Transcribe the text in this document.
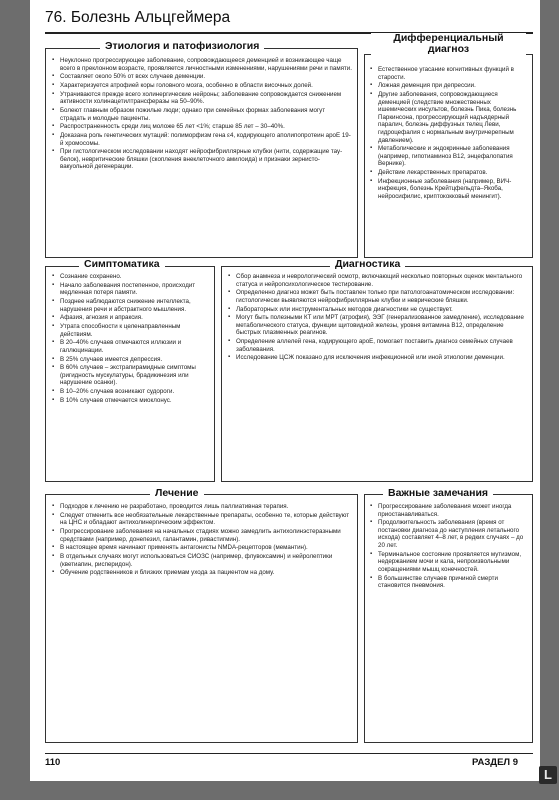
76. Болезнь Альцгеймера
▪ Неуклонно прогрессирующее заболевание, сопровождающееся деменцией и возникающее чаще всего в преклонном возрасте, проявляется личностными изменениями, нарушениями речи и памяти.
▪ Составляет около 50% от всех случаев деменции.
▪ Характеризуется атрофией коры головного мозга, особенно в области височных долей.
▪ Утрачиваются прежде всего холинергические нейроны; заболевание сопровождается снижением активности холинацетилтрансферазы на 50–90%.
▪ Болеют главным образом пожилые люди; однако при семейных формах заболевания могут страдать и молодые пациенты.
▪ Распространенность среди лиц моложе 65 лет <1%; старше 85 лет – 30–40%.
▪ Доказана роль генетических мутаций: полиморфизм гена ε4, кодирующего аполипопротеин apoE 19-й хромосомы.
▪ При гистологическом исследовании находят нейрофибриллярные клубки (нити, содержащие тау-белок), невритические бляшки (скопления внеклеточного амилоида) и признаки зернисто-вакуольной дегенерации.
Этиология и патофизиология
▪ Естественное угасание когнитивных функций в старости.
▪ Ложная деменция при депрессии.
▪ Другие заболевания, сопровождающиеся деменцией (следствие множественных ишемических инсультов, болезнь Пика, болезнь Паркинсона, прогрессирующий надъядерный паралич, болезнь диффузных телец Леви, гидроцефалия с нормальным внутричерепным давлением).
▪ Метаболические и эндокринные заболевания (например, гипотиаминоз B12, энцефалопатия Вернике).
▪ Действие лекарственных препаратов.
▪ Инфекционные заболевания (например, ВИЧ-инфекция, болезнь Крейтцфельдта–Якоба, нейросифилис, криптококковый менингит).
Дифференциальный диагноз
▪ Сознание сохранено.
▪ Начало заболевания постепенное, происходит медленная потеря памяти.
▪ Позднее наблюдаются снижение интеллекта, нарушения речи и абстрактного мышления.
▪ Афазия, агнозия и апраксия.
▪ Утрата способности к целенаправленным действиям.
▪ В 20–40% случаев отмечаются иллюзии и галлюцинации.
▪ В 25% случаев имеется депрессия.
▪ В 60% случаев – экстрапирамидные симптомы (ригидность мускулатуры, брадикинезия или нарушение осанки).
▪ В 10–20% случаев возникают судороги.
▪ В 10% случаев отмечается миоклонус.
Симптоматика
▪ Сбор анамнеза и неврологический осмотр, включающий несколько повторных оценок ментального статуса и нейропсихологическое тестирование.
▪ Определенно диагноз может быть поставлен только при патологоанатомическом исследовании: гистологически выявляются нейрофибриллярные клубки и неврические бляшки.
▪ Лабораторных или инструментальных методов диагностики не существует.
▪ Могут быть полезными КТ или МРТ (атрофия), ЭЭГ (генерализованное замедление), исследование метаболического статуса, функции щитовидной железы, уровня витамина B12, определение быстрых плазменных реагинов.
▪ Определение аллелей гена, кодирующего apoE, помогает поставить диагноз семейных случаев заболевания.
▪ Исследование ЦСЖ показано для исключения инфекционной или иной этиологии деменции.
Диагностика
▪ Подходов к лечению не разработано, проводится лишь паллиативная терапия.
▪ Следует отменить все необязательные лекарственные препараты, особенно те, которые действуют на ЦНС и обладают антихолинергическим эффектом.
▪ Прогрессирование заболевания на начальных стадиях можно замедлить антихолинэстеразными средствами (например, донепезил, галантамин, ривастигмин).
▪ В настоящее время начинают применять антагонисты NMDA-рецепторов (мемантин).
▪ В отдельных случаях могут использоваться СИОЗС (например, флувоксамин) и нейролептики (кветиапин, рисперидон).
▪ Обучение родственников и близких приемам ухода за пациентом на дому.
Лечение
▪ Прогрессирование заболевания может иногда приостанавливаться.
▪ Продолжительность заболевания (время от постановки диагноза до наступления летального исхода) составляет 4–8 лет, в редких случаях – до 20 лет.
▪ Терминальное состояние проявляется мутизмом, недержанием мочи и кала, непроизвольными сокращениями мышц конечностей.
▪ В большинстве случаев причиной смерти становится пневмония.
Важные замечания
110	РАЗДЕЛ 9
L
